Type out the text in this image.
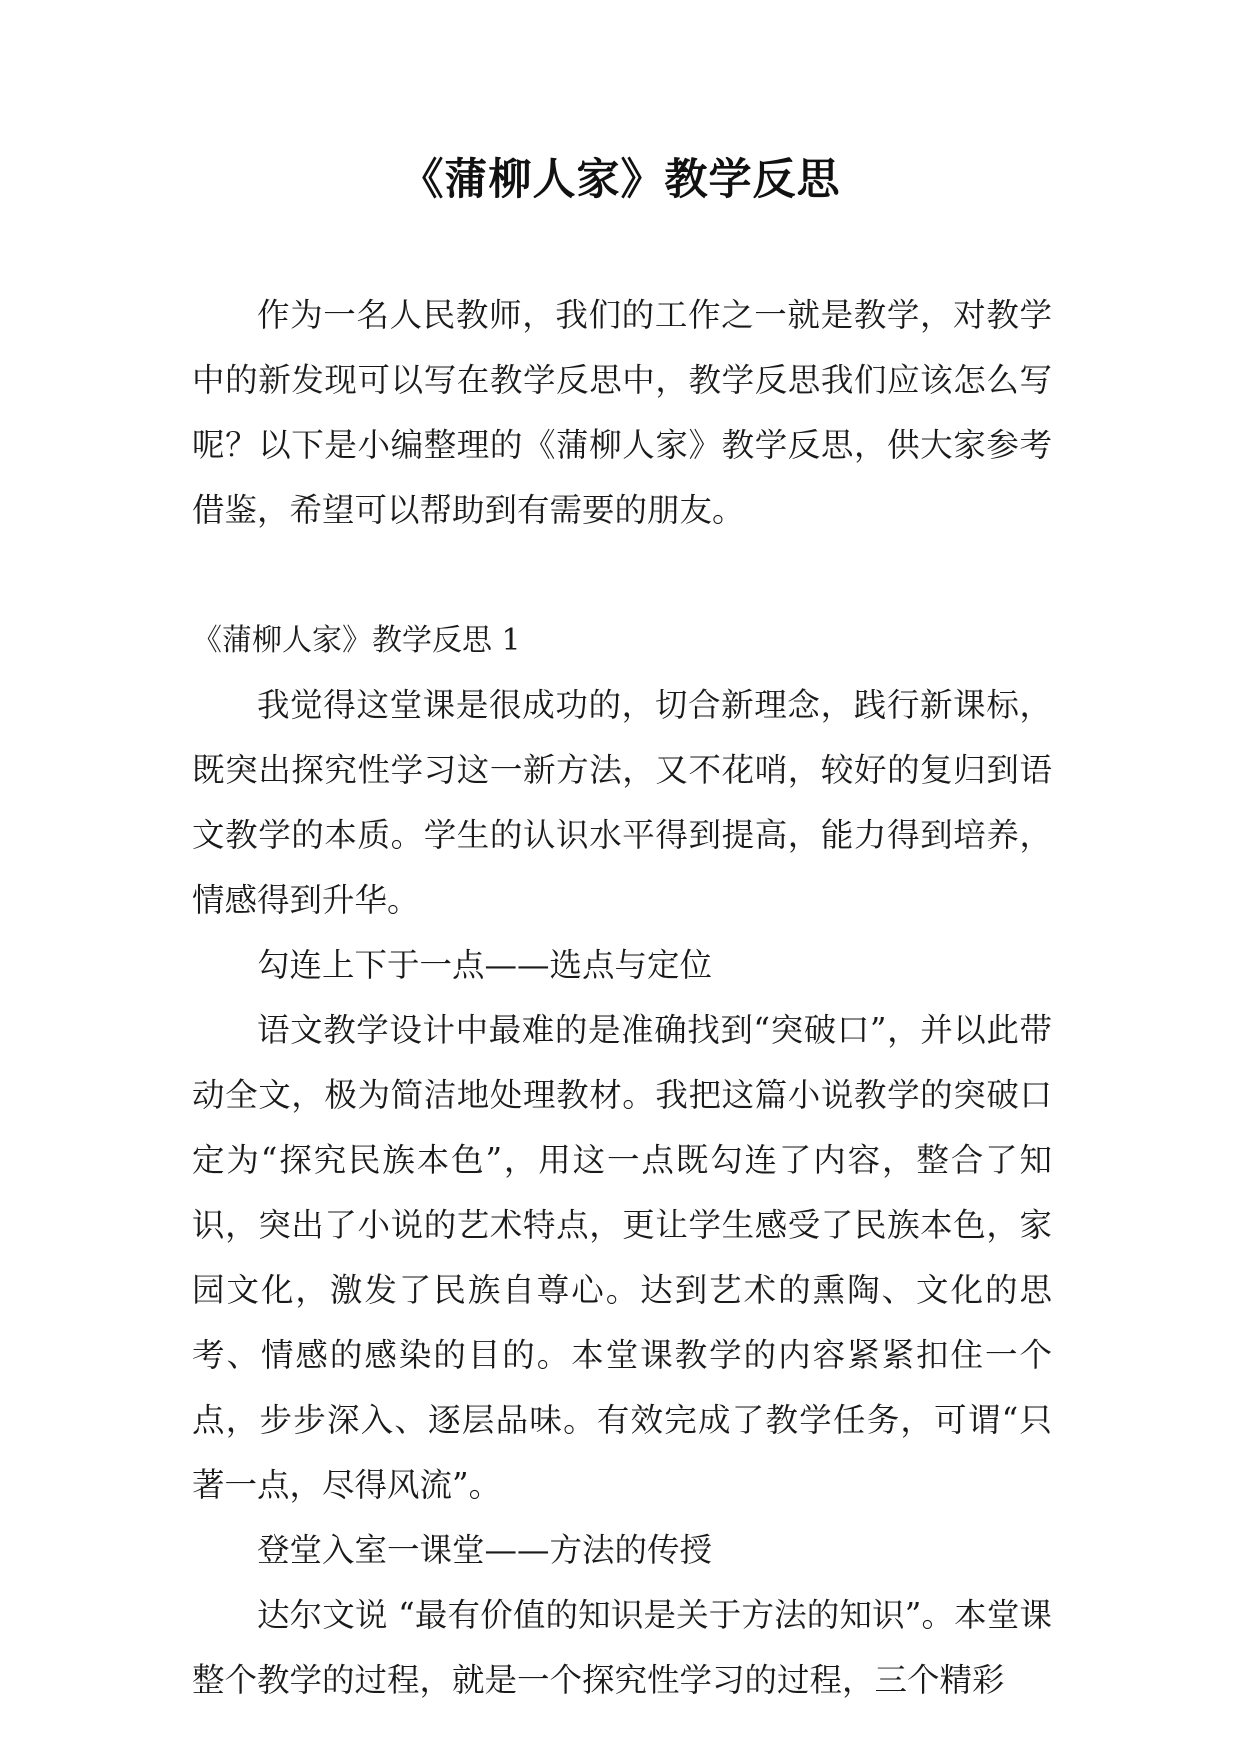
《蒲柳人家》教学反思

作为一名人民教师，我们的工作之一就是教学，对教学中的新发现可以写在教学反思中，教学反思我们应该怎么写呢？以下是小编整理的《蒲柳人家》教学反思，供大家参考借鉴，希望可以帮助到有需要的朋友。

《蒲柳人家》教学反思 1

我觉得这堂课是很成功的，切合新理念，践行新课标，既突出探究性学习这一新方法，又不花哨，较好的复归到语文教学的本质。学生的认识水平得到提高，能力得到培养，情感得到升华。

勾连上下于一点——选点与定位

语文教学设计中最难的是准确找到“突破口”，并以此带动全文，极为简洁地处理教材。我把这篇小说教学的突破口定为“探究民族本色”，用这一点既勾连了内容，整合了知识，突出了小说的艺术特点，更让学生感受了民族本色，家园文化，激发了民族自尊心。达到艺术的熏陶、文化的思考、情感的感染的目的。本堂课教学的内容紧紧扣住一个点，步步深入、逐层品味。有效完成了教学任务，可谓“只著一点，尽得风流”。

登堂入室一课堂——方法的传授

达尔文说 “最有价值的知识是关于方法的知识”。本堂课整个教学的过程，就是一个探究性学习的过程，三个精彩
